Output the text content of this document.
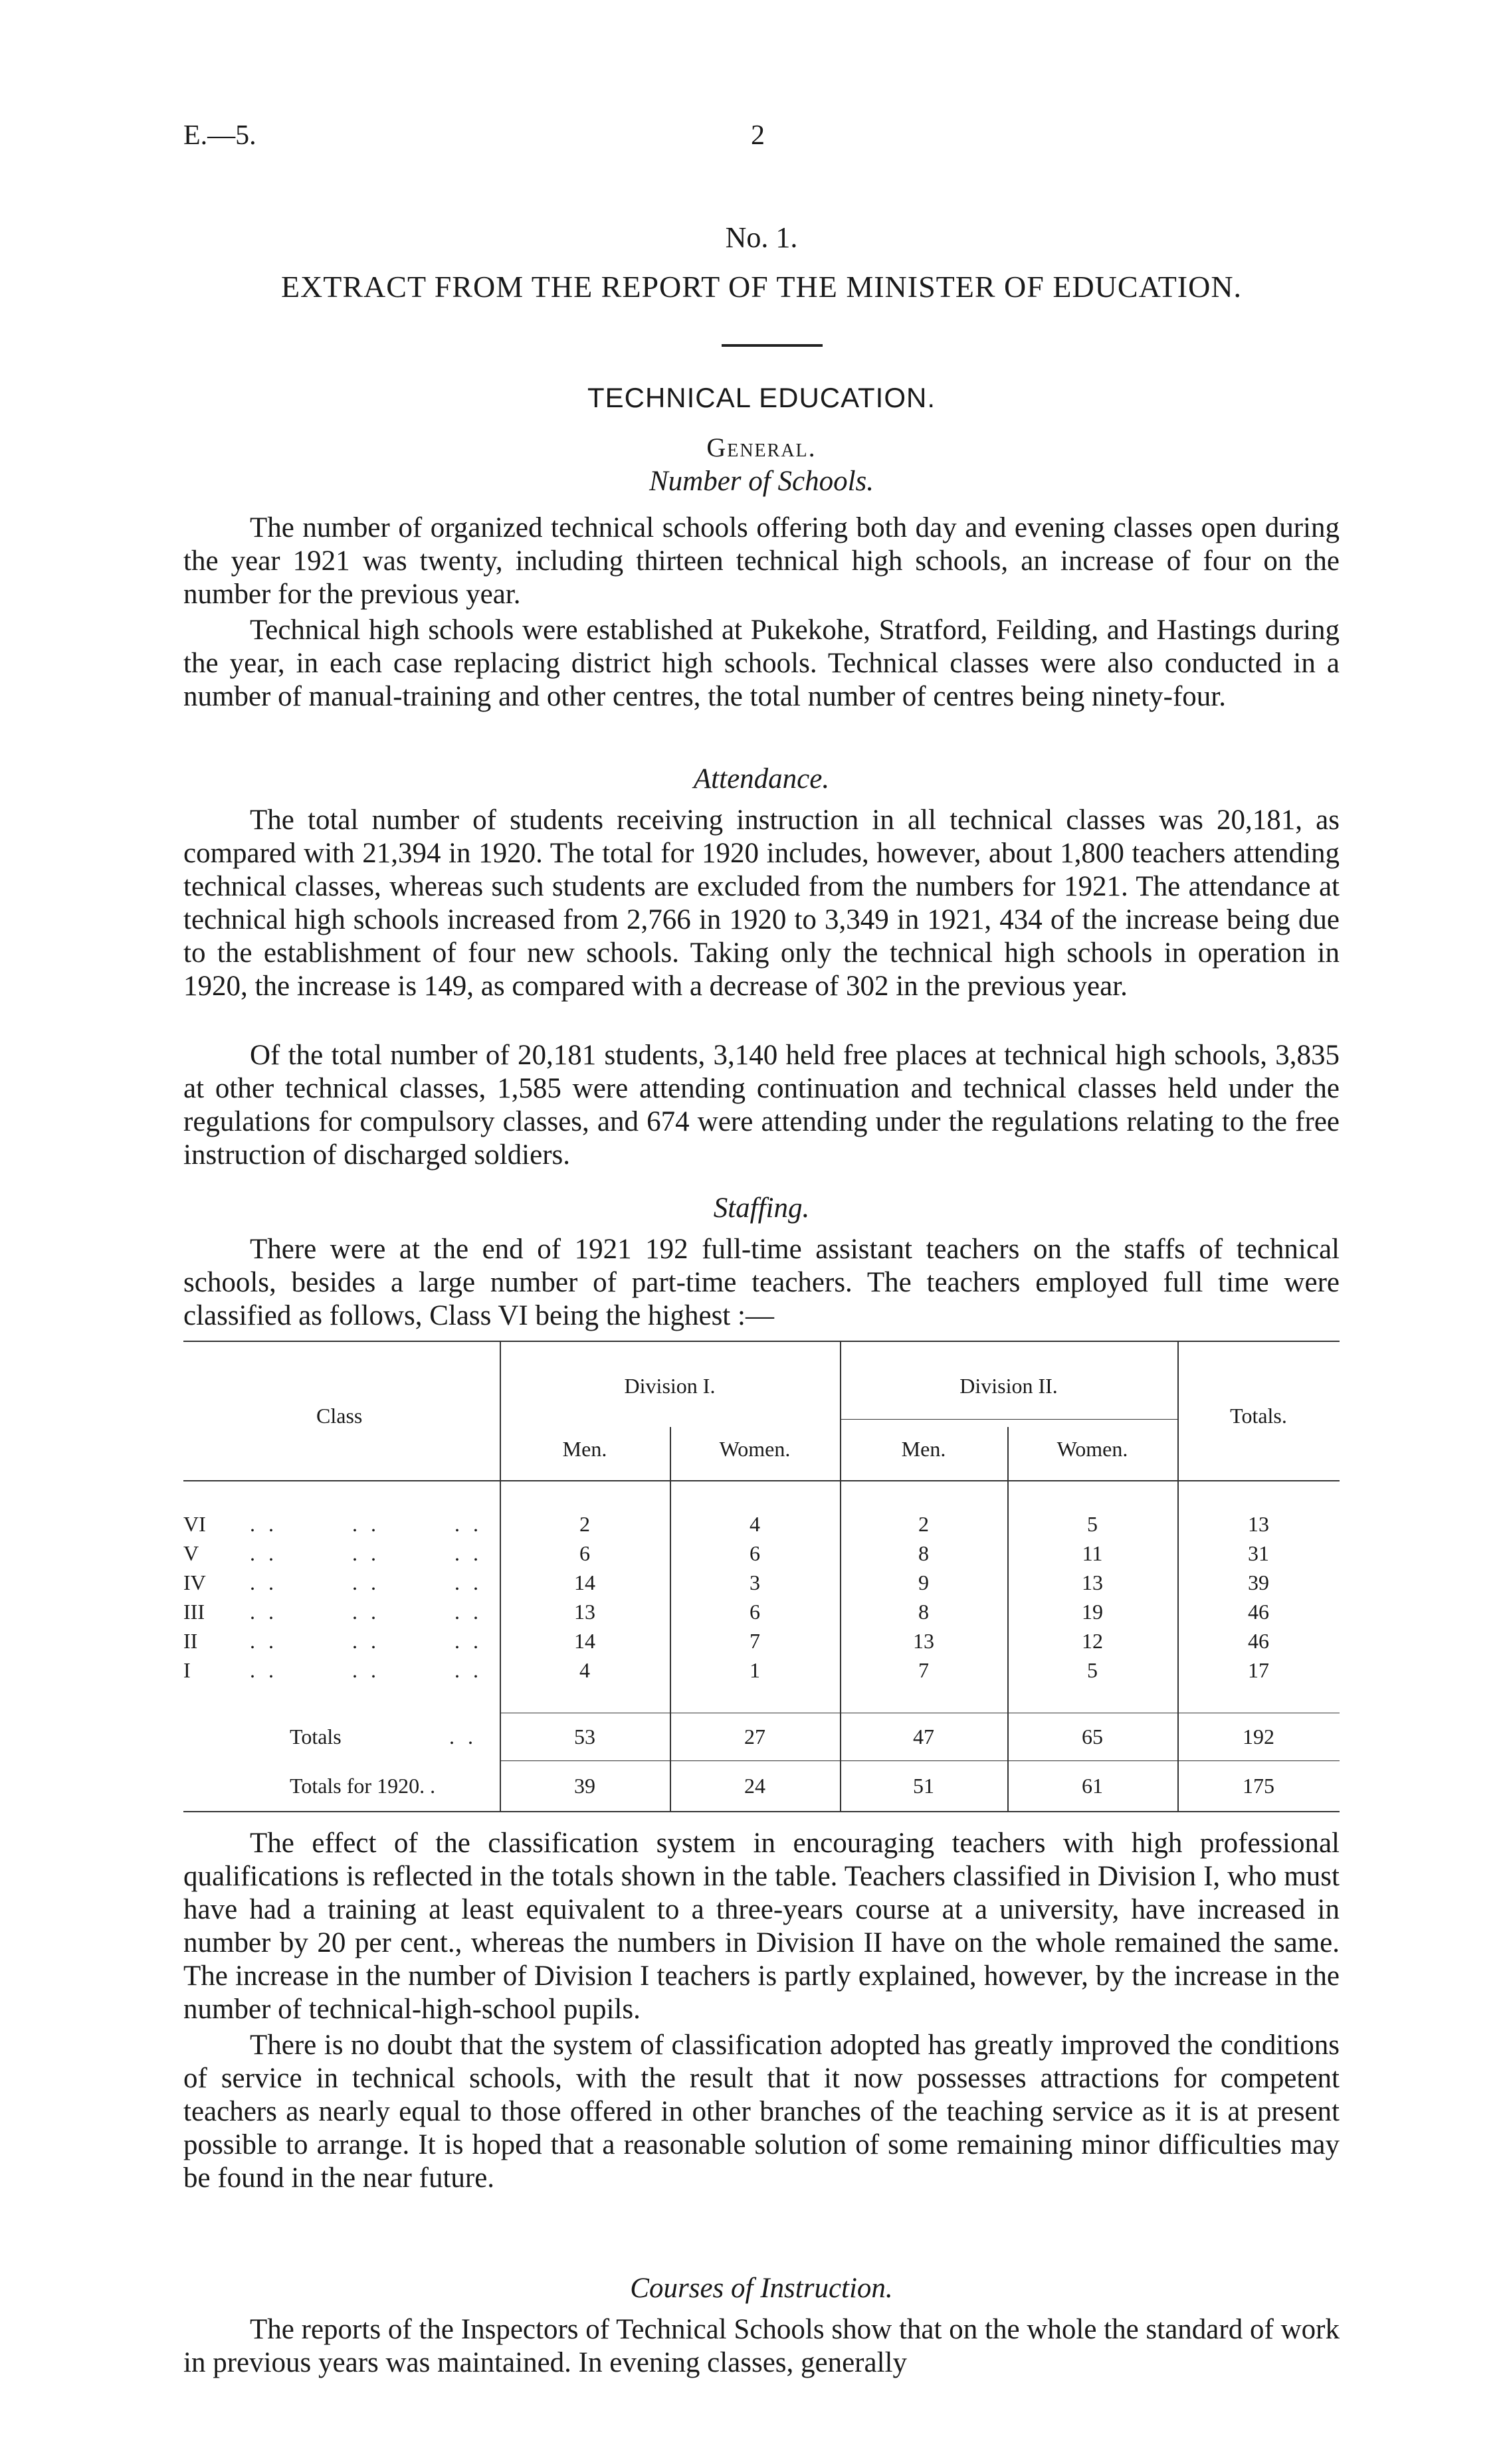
E.—5.	2
No. 1.
EXTRACT FROM THE REPORT OF THE MINISTER OF EDUCATION.
TECHNICAL EDUCATION.
General.
Number of Schools.

The number of organized technical schools offering both day and evening classes open during the year 1921 was twenty, including thirteen technical high schools, an increase of four on the number for the previous year.

Technical high schools were established at Pukekohe, Stratford, Feilding, and Hastings during the year, in each case replacing district high schools. Technical classes were also conducted in a number of manual-training and other centres, the total number of centres being ninety-four.

Attendance.

The total number of students receiving instruction in all technical classes was 20,181, as compared with 21,394 in 1920. The total for 1920 includes, however, about 1,800 teachers attending technical classes, whereas such students are excluded from the numbers for 1921. The attendance at technical high schools increased from 2,766 in 1920 to 3,349 in 1921, 434 of the increase being due to the establishment of four new schools. Taking only the technical high schools in operation in 1920, the increase is 149, as compared with a decrease of 302 in the previous year.

Of the total number of 20,181 students, 3,140 held free places at technical high schools, 3,835 at other technical classes, 1,585 were attending continuation and technical classes held under the regulations for compulsory classes, and 674 were attending under the regulations relating to the free instruction of discharged soldiers.

Staffing.

There were at the end of 1921 192 full-time assistant teachers on the staffs of technical schools, besides a large number of part-time teachers. The teachers employed full time were classified as follows, Class VI being the highest :—

Class
Division I.	Division II.
Totals.
Men.	Women.	Men.	Women.
VI . .        . .        . .	2	4	2	5	13
V . .        . .        . .	6	6	8	11	31
IV . .        . .        . .	14	3	9	13	39
III . .        . .        . .	13	6	8	19	46
II . .        . .        . .	14	7	13	12	46
I	. .        . .        . .	4	1	7	5	17
Totals	. .	53	27	47	65	192
Totals for 1920. .	39	24	51	61	175

The effect of the classification system in encouraging teachers with high professional qualifications is reflected in the totals shown in the table. Teachers classified in Division I, who must have had a training at least equivalent to a three-years course at a university, have increased in number by 20 per cent., whereas the numbers in Division II have on the whole remained the same. The increase in the number of Division I teachers is partly explained, however, by the increase in the number of technical-high-school pupils.

There is no doubt that the system of classification adopted has greatly improved the conditions of service in technical schools, with the result that it now possesses attractions for competent teachers as nearly equal to those offered in other branches of the teaching service as it is at present possible to arrange. It is hoped that a reasonable solution of some remaining minor difficulties may be found in the near future.

Courses of Instruction.

The reports of the Inspectors of Technical Schools show that on the whole the standard of work in previous years was maintained. In evening classes, generally
